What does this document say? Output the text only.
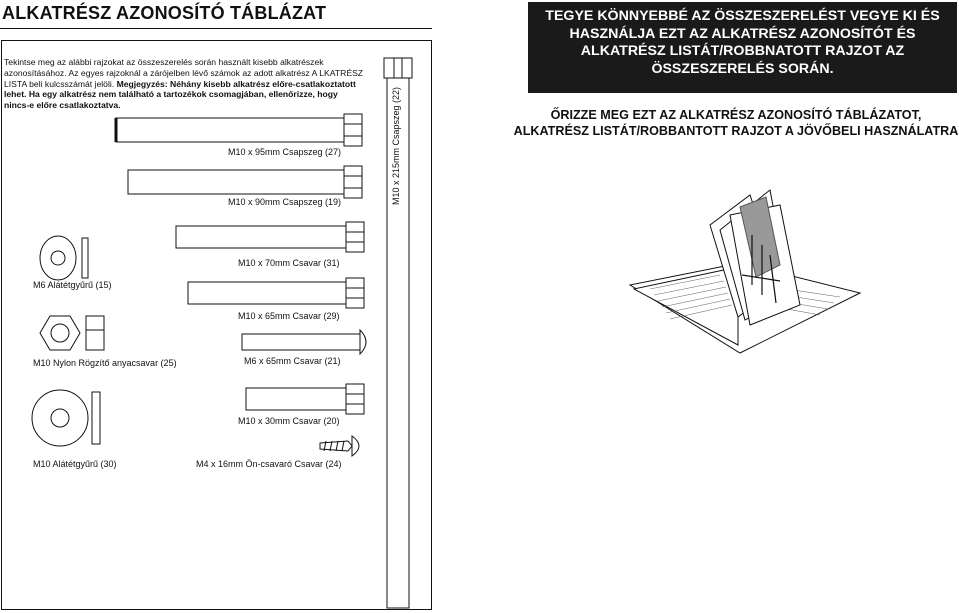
ALKATRÉSZ AZONOSÍTÓ TÁBLÁZAT
Tekintse meg az alábbi rajzokat az összeszerelés során használt kisebb alkatrészek azonosításához. Az egyes rajzoknál a zárójelben lévő számok az adott alkatrész A LKATRÉSZ LISTA beli kulcsszámát jelöli. Megjegyzés: Néhány kisebb alkatrész előre-csatlakoztatott lehet. Ha egy alkatrész nem található a tartozékok csomagjában, ellenőrizze, hogy nincs-e előre csatlakoztatva.
M10 x 95mm Csapszeg (27)
M10 x 90mm Csapszeg (19)	M10 x 215mm Csapszeg (22)
M10 x 70mm Csavar (31)
M6 Alátétgyűrű (15)
M10 x 65mm Csavar (29)
M10 Nylon Rögzítő anyacsavar (25)	M6 x 65mm Csavar (21)
M10 x 30mm Csavar (20)
M10 Alátétgyűrű (30)	M4 x 16mm Ön-csavaró Csavar (24)
TEGYE KÖNNYEBBÉ AZ ÖSSZESZERELÉST VEGYE KI ÉS HASZNÁLJA EZT AZ ALKATRÉSZ AZONOSÍTÓT ÉS ALKATRÉSZ LISTÁT/ROBBNATOTT RAJZOT AZ ÖSSZESZERELÉS SORÁN.
ŐRIZZE MEG EZT AZ ALKATRÉSZ AZONOSÍTÓ TÁBLÁZATOT, ALKATRÉSZ LISTÁT/ROBBANTOTT RAJZOT A JÖVŐBELI HASZNÁLATRA
